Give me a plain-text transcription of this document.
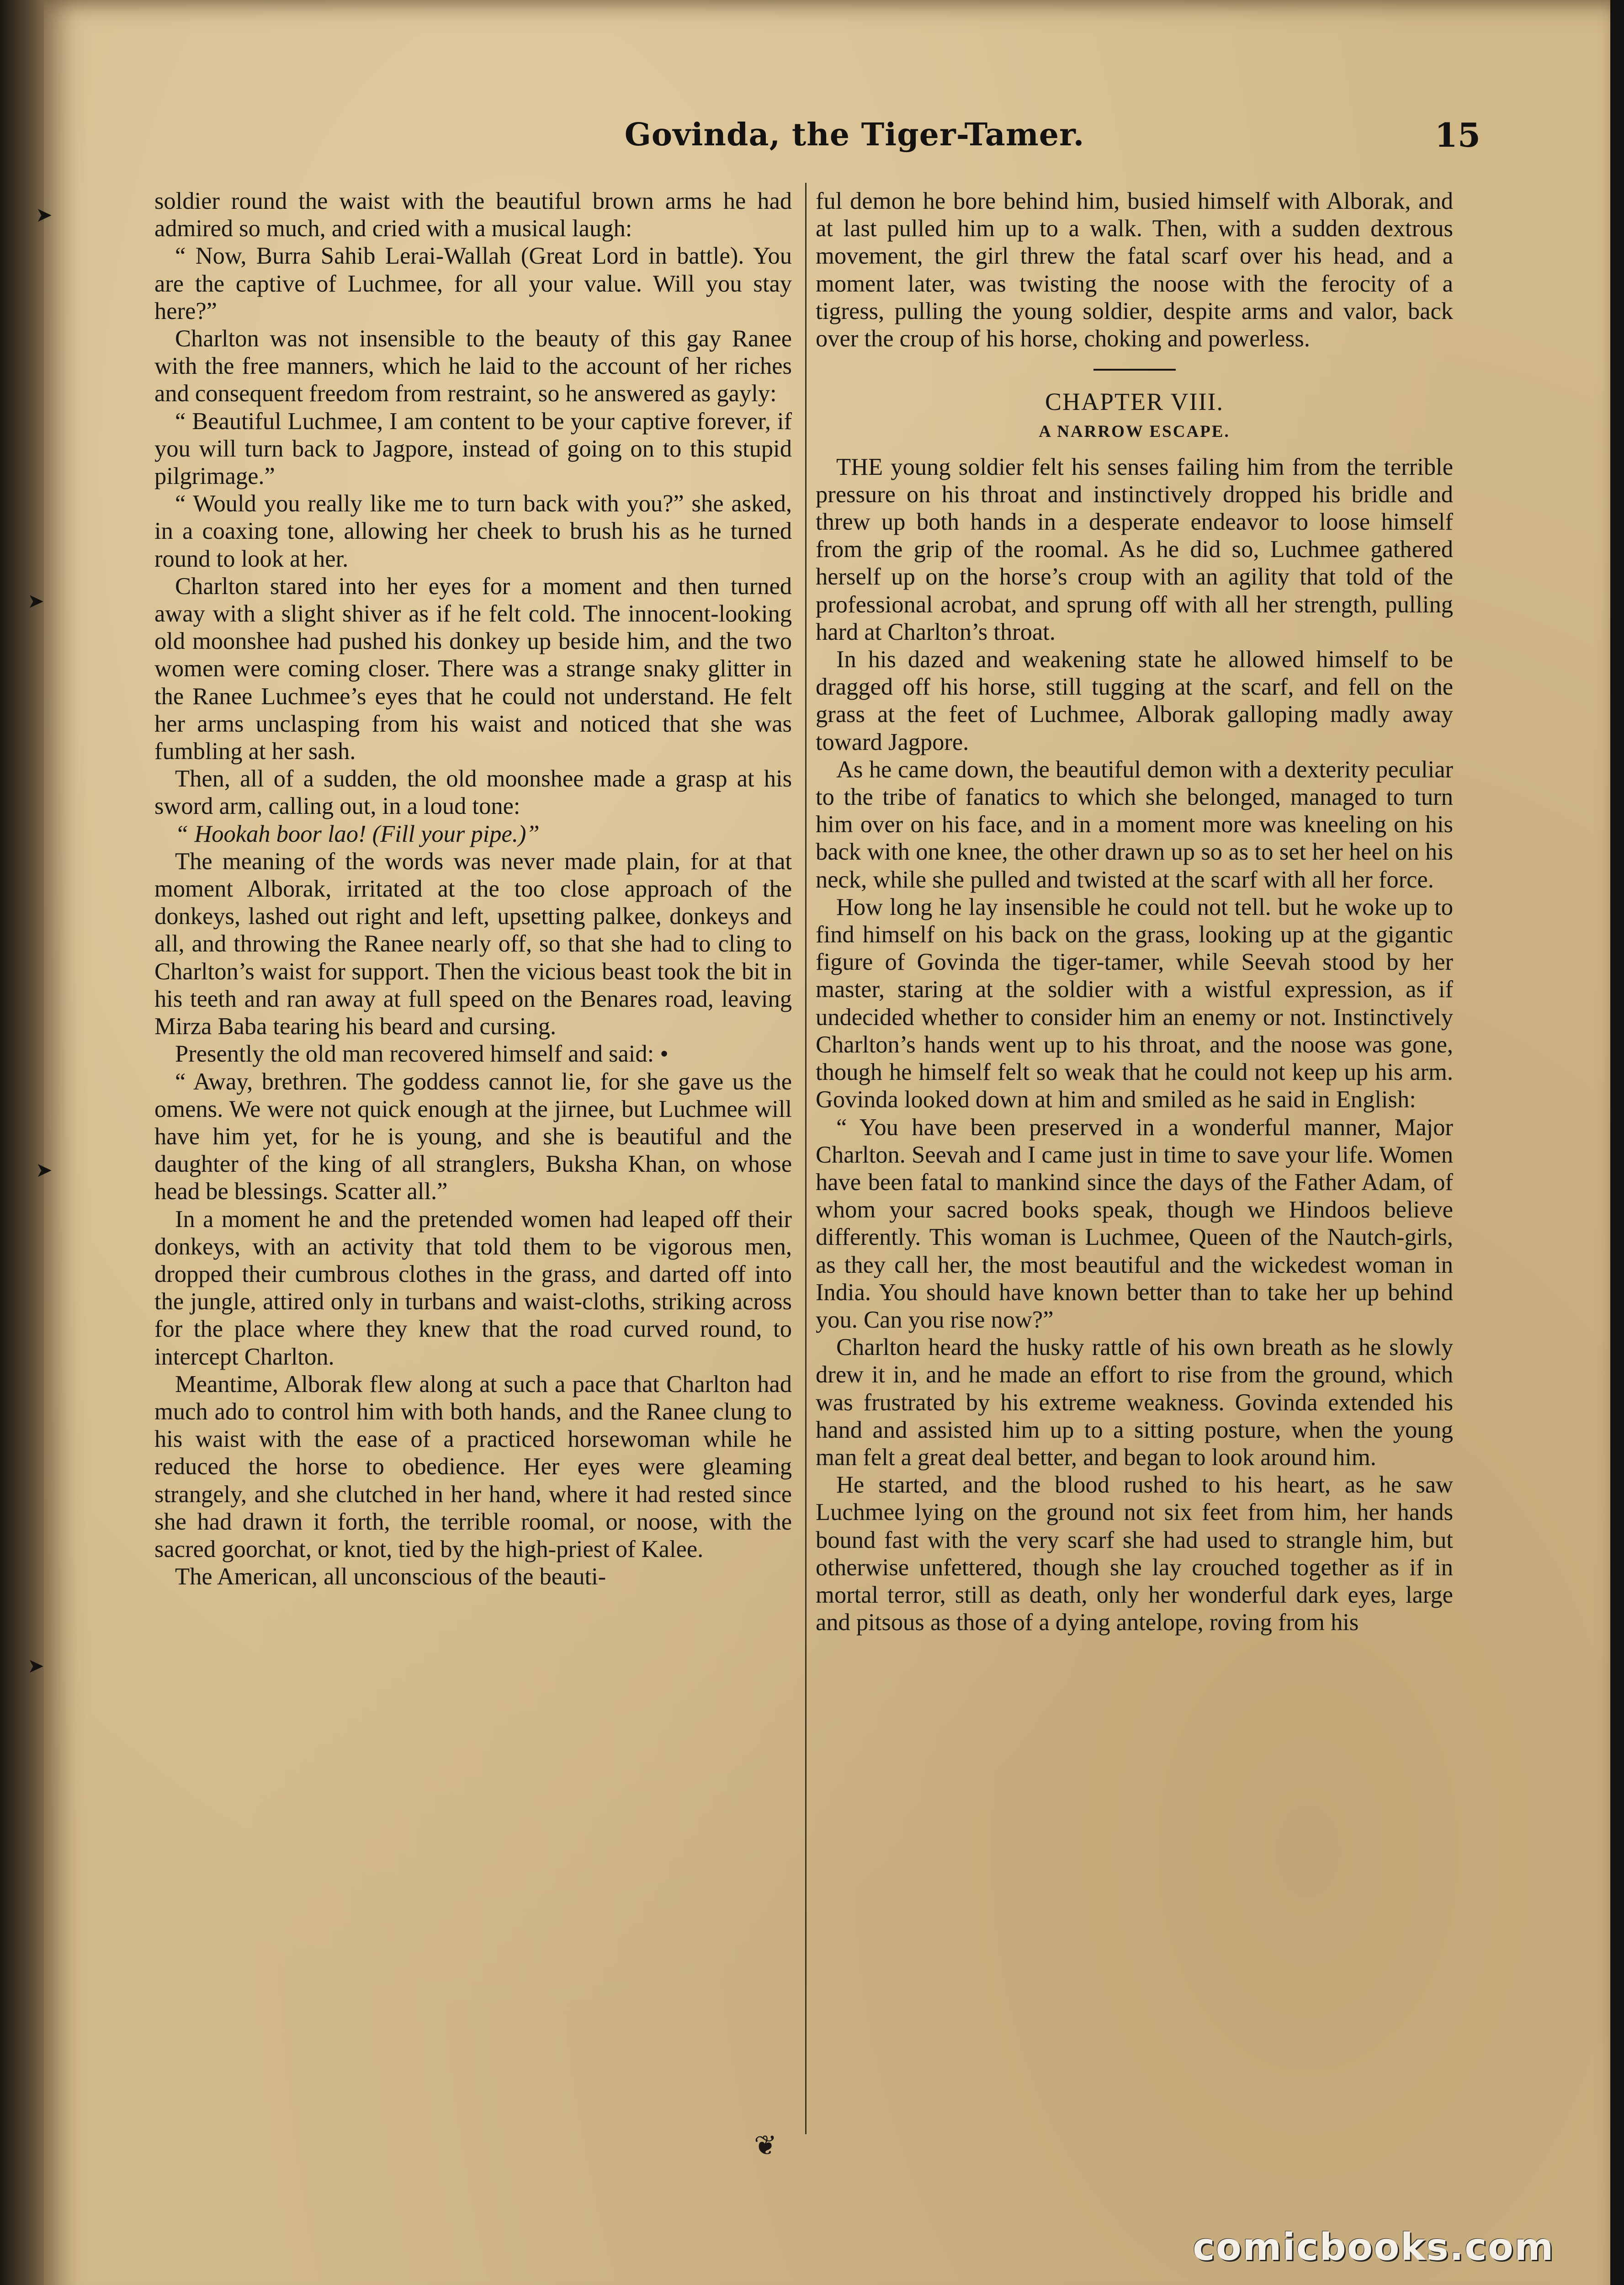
Govinda, the Tiger-Tamer.	15
➤
➤
➤
➤

soldier round the waist with the beautiful brown arms he had admired so much, and cried with a musical laugh:

“ Now, Burra Sahib Lerai-Wallah (Great Lord in battle). You are the captive of Luchmee, for all your value. Will you stay here?”

Charlton was not insensible to the beauty of this gay Ranee with the free manners, which he laid to the account of her riches and consequent freedom from restraint, so he answered as gayly:

“ Beautiful Luchmee, I am content to be your captive forever, if you will turn back to Jagpore, instead of going on to this stupid pilgrimage.”

“ Would you really like me to turn back with you?” she asked, in a coaxing tone, allowing her cheek to brush his as he turned round to look at her.

Charlton stared into her eyes for a moment and then turned away with a slight shiver as if he felt cold. The innocent-looking old moonshee had pushed his donkey up beside him, and the two women were coming closer. There was a strange snaky glitter in the Ranee Luchmee’s eyes that he could not understand. He felt her arms unclasping from his waist and noticed that she was fumbling at her sash.

Then, all of a sudden, the old moonshee made a grasp at his sword arm, calling out, in a loud tone:

“ Hookah boor lao! (Fill your pipe.)”

The meaning of the words was never made plain, for at that moment Alborak, irritated at the too close approach of the donkeys, lashed out right and left, upsetting palkee, donkeys and all, and throwing the Ranee nearly off, so that she had to cling to Charlton’s waist for support. Then the vicious beast took the bit in his teeth and ran away at full speed on the Benares road, leaving Mirza Baba tearing his beard and cursing.

Presently the old man recovered himself and said: •

“ Away, brethren. The goddess cannot lie, for she gave us the omens. We were not quick enough at the jirnee, but Luchmee will have him yet, for he is young, and she is beautiful and the daughter of the king of all stranglers, Buksha Khan, on whose head be blessings. Scatter all.”

In a moment he and the pretended women had leaped off their donkeys, with an activity that told them to be vigorous men, dropped their cumbrous clothes in the grass, and darted off into the jungle, attired only in turbans and waist-cloths, striking across for the place where they knew that the road curved round, to intercept Charlton.

Meantime, Alborak flew along at such a pace that Charlton had much ado to control him with both hands, and the Ranee clung to his waist with the ease of a practiced horsewoman while he reduced the horse to obedience. Her eyes were gleaming strangely, and she clutched in her hand, where it had rested since she had drawn it forth, the terrible roomal, or noose, with the sacred goorchat, or knot, tied by the high-priest of Kalee.

The American, all unconscious of the beauti-

ful demon he bore behind him, busied himself with Alborak, and at last pulled him up to a walk. Then, with a sudden dextrous movement, the girl threw the fatal scarf over his head, and a moment later, was twisting the noose with the ferocity of a tigress, pulling the young soldier, despite arms and valor, back over the croup of his horse, choking and powerless.

CHAPTER VIII.
A NARROW ESCAPE.

THE young soldier felt his senses failing him from the terrible pressure on his throat and instinctively dropped his bridle and threw up both hands in a desperate endeavor to loose himself from the grip of the roomal. As he did so, Luchmee gathered herself up on the horse’s croup with an agility that told of the professional acrobat, and sprung off with all her strength, pulling hard at Charlton’s throat.

In his dazed and weakening state he allowed himself to be dragged off his horse, still tugging at the scarf, and fell on the grass at the feet of Luchmee, Alborak galloping madly away toward Jagpore.

As he came down, the beautiful demon with a dexterity peculiar to the tribe of fanatics to which she belonged, managed to turn him over on his face, and in a moment more was kneeling on his back with one knee, the other drawn up so as to set her heel on his neck, while she pulled and twisted at the scarf with all her force.

How long he lay insensible he could not tell. but he woke up to find himself on his back on the grass, looking up at the gigantic figure of Govinda the tiger-tamer, while Seevah stood by her master, staring at the soldier with a wistful expression, as if undecided whether to consider him an enemy or not. Instinctively Charlton’s hands went up to his throat, and the noose was gone, though he himself felt so weak that he could not keep up his arm. Govinda looked down at him and smiled as he said in English:

“ You have been preserved in a wonderful manner, Major Charlton. Seevah and I came just in time to save your life. Women have been fatal to mankind since the days of the Father Adam, of whom your sacred books speak, though we Hindoos believe differently. This woman is Luchmee, Queen of the Nautch-girls, as they call her, the most beautiful and the wickedest woman in India. You should have known better than to take her up behind you. Can you rise now?”

Charlton heard the husky rattle of his own breath as he slowly drew it in, and he made an effort to rise from the ground, which was frustrated by his extreme weakness. Govinda extended his hand and assisted him up to a sitting posture, when the young man felt a great deal better, and began to look around him.

He started, and the blood rushed to his heart, as he saw Luchmee lying on the ground not six feet from him, her hands bound fast with the very scarf she had used to strangle him, but otherwise unfettered, though she lay crouched together as if in mortal terror, still as death, only her wonderful dark eyes, large and pitsous as those of a dying antelope, roving from his

❦
comicbooks.com
